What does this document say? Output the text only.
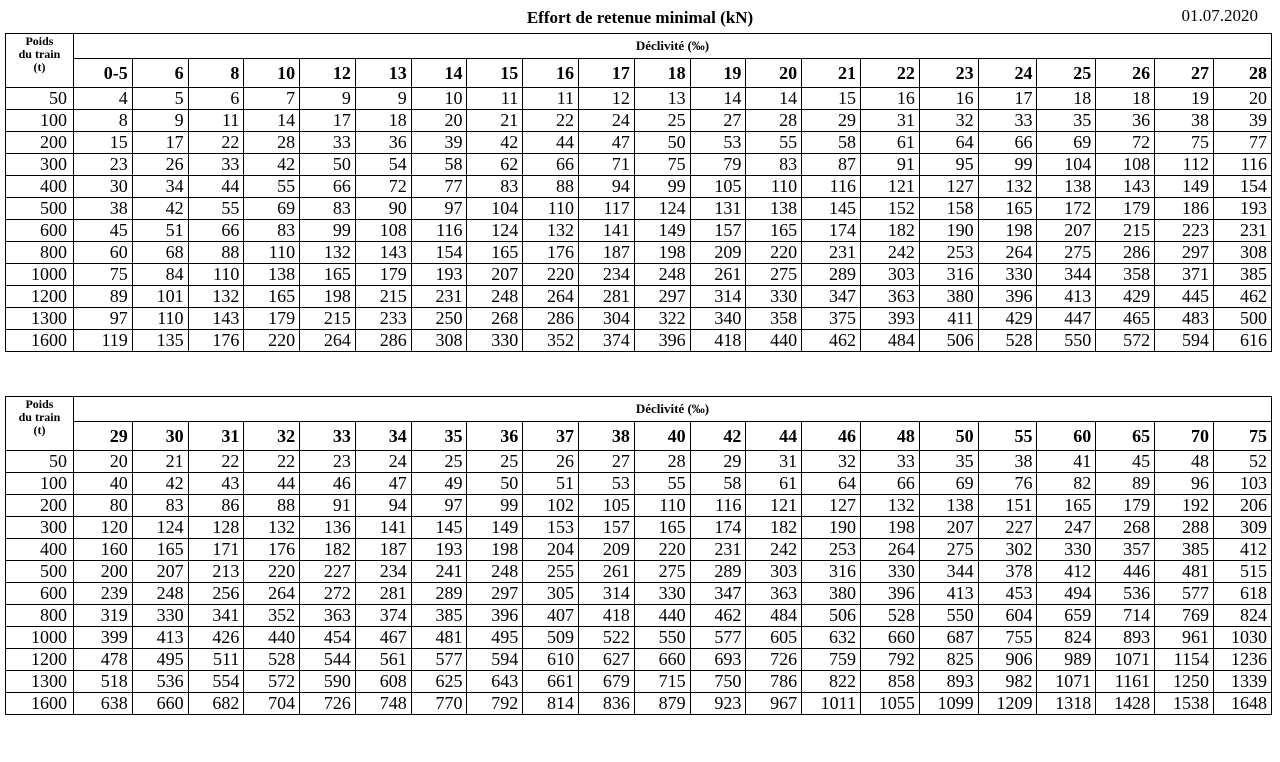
Effort de retenue minimal (kN)	01.07.2020
Poids
du train
(t)	Déclivité (‰)																				
	0-5	6	8	10	12	13	14	15	16	17	18	19	20	21	22	23	24	25	26	27	28
50	4	5	6	7	9	9	10	11	11	12	13	14	14	15	16	16	17	18	18	19	20
100	8	9	11	14	17	18	20	21	22	24	25	27	28	29	31	32	33	35	36	38	39
200	15	17	22	28	33	36	39	42	44	47	50	53	55	58	61	64	66	69	72	75	77
300	23	26	33	42	50	54	58	62	66	71	75	79	83	87	91	95	99	104	108	112	116
400	30	34	44	55	66	72	77	83	88	94	99	105	110	116	121	127	132	138	143	149	154
500	38	42	55	69	83	90	97	104	110	117	124	131	138	145	152	158	165	172	179	186	193
600	45	51	66	83	99	108	116	124	132	141	149	157	165	174	182	190	198	207	215	223	231
800	60	68	88	110	132	143	154	165	176	187	198	209	220	231	242	253	264	275	286	297	308
1000	75	84	110	138	165	179	193	207	220	234	248	261	275	289	303	316	330	344	358	371	385
1200	89	101	132	165	198	215	231	248	264	281	297	314	330	347	363	380	396	413	429	445	462
1300	97	110	143	179	215	233	250	268	286	304	322	340	358	375	393	411	429	447	465	483	500
1600	119	135	176	220	264	286	308	330	352	374	396	418	440	462	484	506	528	550	572	594	616
Poids
du train
(t)	Déclivité (‰)																				
	29	30	31	32	33	34	35	36	37	38	40	42	44	46	48	50	55	60	65	70	75
50	20	21	22	22	23	24	25	25	26	27	28	29	31	32	33	35	38	41	45	48	52
100	40	42	43	44	46	47	49	50	51	53	55	58	61	64	66	69	76	82	89	96	103
200	80	83	86	88	91	94	97	99	102	105	110	116	121	127	132	138	151	165	179	192	206
300	120	124	128	132	136	141	145	149	153	157	165	174	182	190	198	207	227	247	268	288	309
400	160	165	171	176	182	187	193	198	204	209	220	231	242	253	264	275	302	330	357	385	412
500	200	207	213	220	227	234	241	248	255	261	275	289	303	316	330	344	378	412	446	481	515
600	239	248	256	264	272	281	289	297	305	314	330	347	363	380	396	413	453	494	536	577	618
800	319	330	341	352	363	374	385	396	407	418	440	462	484	506	528	550	604	659	714	769	824
1000	399	413	426	440	454	467	481	495	509	522	550	577	605	632	660	687	755	824	893	961	1030
1200	478	495	511	528	544	561	577	594	610	627	660	693	726	759	792	825	906	989	1071	1154	1236
1300	518	536	554	572	590	608	625	643	661	679	715	750	786	822	858	893	982	1071	1161	1250	1339
1600	638	660	682	704	726	748	770	792	814	836	879	923	967	1011	1055	1099	1209	1318	1428	1538	1648
